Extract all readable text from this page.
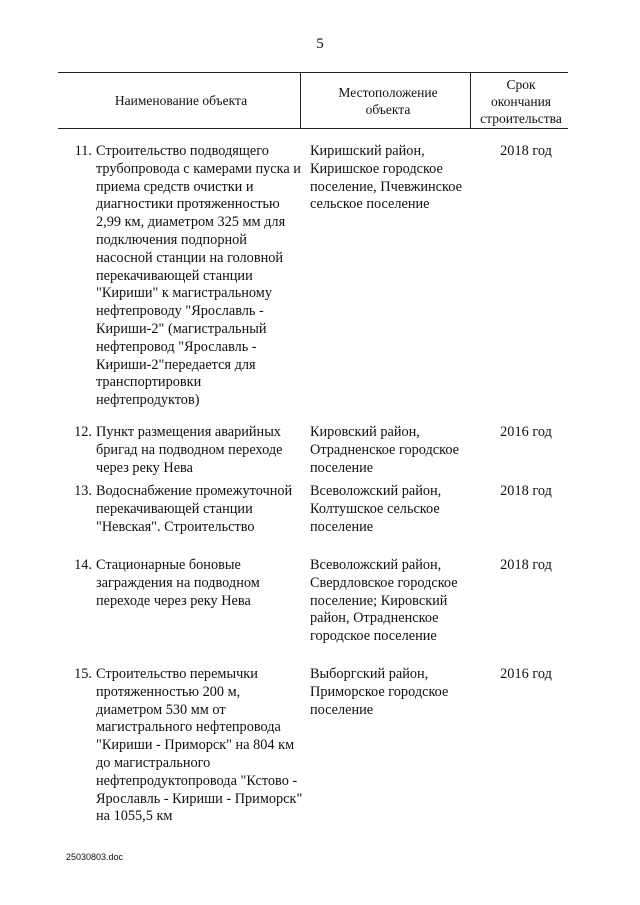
5
Наименование объекта
Местоположение объекта
Срок окончания строительства
11. Строительство подводящего трубопровода с камерами пуска и приема средств очистки и диагностики протяженностью 2,99 км, диаметром 325 мм для подключения подпорной насосной станции на головной перекачивающей станции "Кириши" к магистральному нефтепроводу "Ярославль - Кириши-2" (магистральный нефтепровод "Ярославль - Кириши-2"передается для транспортировки нефтепродуктов)
Киришский район, Киришское городское поселение, Пчевжинское сельское поселение
2018 год
12. Пункт размещения аварийных бригад на подводном переходе через реку Нева
Кировский район, Отрадненское городское поселение
2016 год
13. Водоснабжение промежуточной перекачивающей станции "Невская". Строительство
Всеволожский район, Колтушское сельское поселение
2018 год
14. Стационарные боновые заграждения на подводном переходе через реку Нева
Всеволожский район, Свердловское городское поселение; Кировский район, Отрадненское городское поселение
2018 год
15. Строительство перемычки протяженностью 200 м, диаметром 530 мм от магистрального нефтепровода "Кириши - Приморск" на 804 км до магистрального нефтепродуктопровода "Кстово - Ярославль - Кириши - Приморск" на 1055,5 км
Выборгский район, Приморское городское поселение
2016 год
25030803.doc
